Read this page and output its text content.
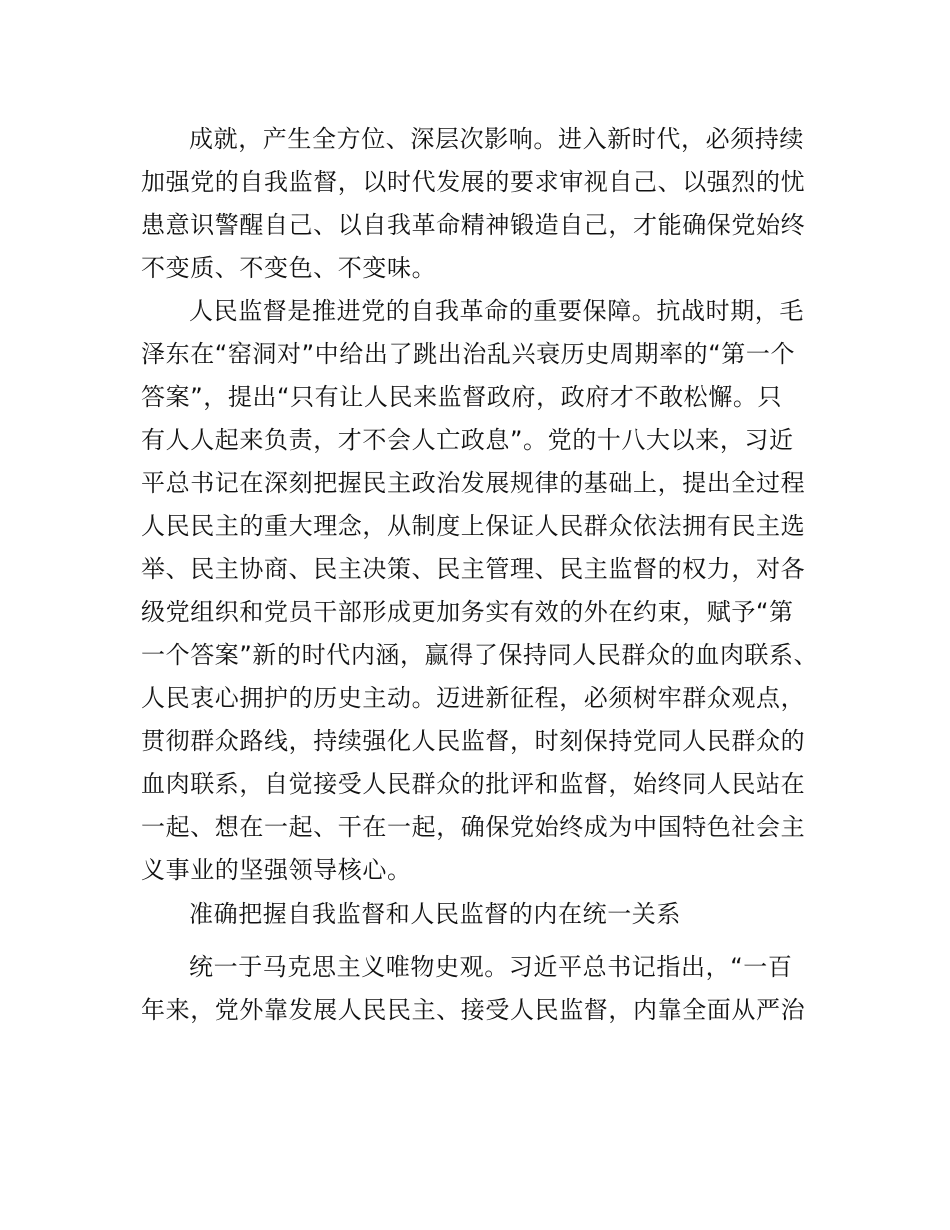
成就，产生全方位、深层次影响。进入新时代，必须持续
加强党的自我监督，以时代发展的要求审视自己、以强烈的忧
患意识警醒自己、以自我革命精神锻造自己，才能确保党始终
不变质、不变色、不变味。
人民监督是推进党的自我革命的重要保障。抗战时期，毛
泽东在“窑洞对”中给出了跳出治乱兴衰历史周期率的“第一个
答案”，提出“只有让人民来监督政府，政府才不敢松懈。只
有人人起来负责，才不会人亡政息”。党的十八大以来，习近
平总书记在深刻把握民主政治发展规律的基础上，提出全过程
人民民主的重大理念，从制度上保证人民群众依法拥有民主选
举、民主协商、民主决策、民主管理、民主监督的权力，对各
级党组织和党员干部形成更加务实有效的外在约束，赋予“第
一个答案”新的时代内涵，赢得了保持同人民群众的血肉联系、
人民衷心拥护的历史主动。迈进新征程，必须树牢群众观点，
贯彻群众路线，持续强化人民监督，时刻保持党同人民群众的
血肉联系，自觉接受人民群众的批评和监督，始终同人民站在
一起、想在一起、干在一起，确保党始终成为中国特色社会主
义事业的坚强领导核心。
准确把握自我监督和人民监督的内在统一关系
统一于马克思主义唯物史观。习近平总书记指出，“一百
年来，党外靠发展人民民主、接受人民监督，内靠全面从严治
